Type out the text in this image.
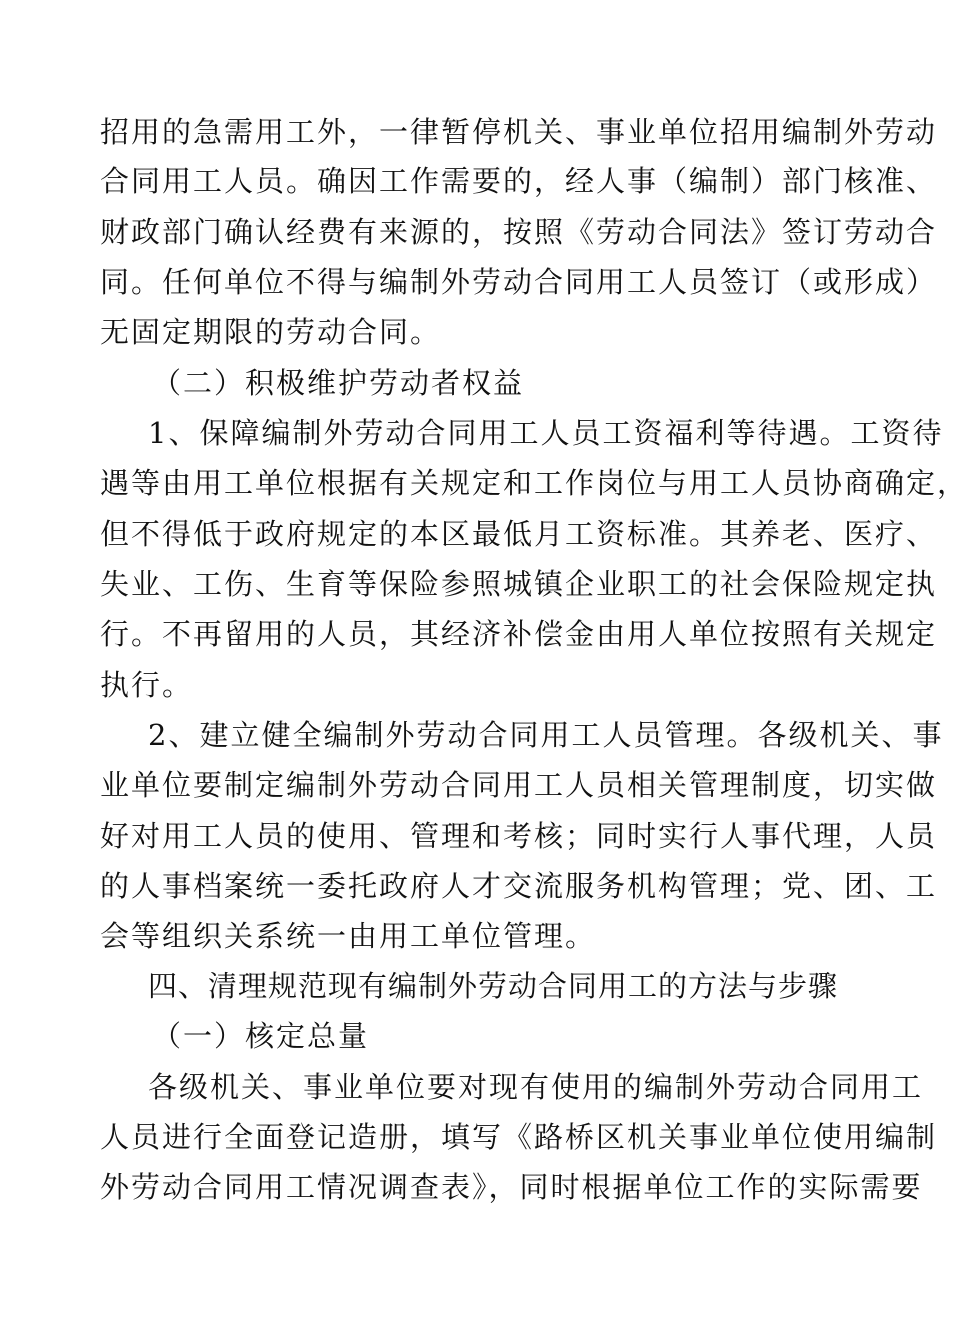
招用的急需用工外，一律暂停机关、事业单位招用编制外劳动
合同用工人员。确因工作需要的，经人事（编制）部门核准、
财政部门确认经费有来源的，按照《劳动合同法》签订劳动合
同。任何单位不得与编制外劳动合同用工人员签订（或形成）
无固定期限的劳动合同。
（二）积极维护劳动者权益
1、保障编制外劳动合同用工人员工资福利等待遇。工资待
遇等由用工单位根据有关规定和工作岗位与用工人员协商确定，
但不得低于政府规定的本区最低月工资标准。其养老、医疗、
失业、工伤、生育等保险参照城镇企业职工的社会保险规定执
行。不再留用的人员，其经济补偿金由用人单位按照有关规定
执行。
2、建立健全编制外劳动合同用工人员管理。各级机关、事
业单位要制定编制外劳动合同用工人员相关管理制度，切实做
好对用工人员的使用、管理和考核；同时实行人事代理，人员
的人事档案统一委托政府人才交流服务机构管理；党、团、工
会等组织关系统一由用工单位管理。
四、清理规范现有编制外劳动合同用工的方法与步骤
（一）核定总量
各级机关、事业单位要对现有使用的编制外劳动合同用工
人员进行全面登记造册，填写《路桥区机关事业单位使用编制
外劳动合同用工情况调查表》，同时根据单位工作的实际需要
